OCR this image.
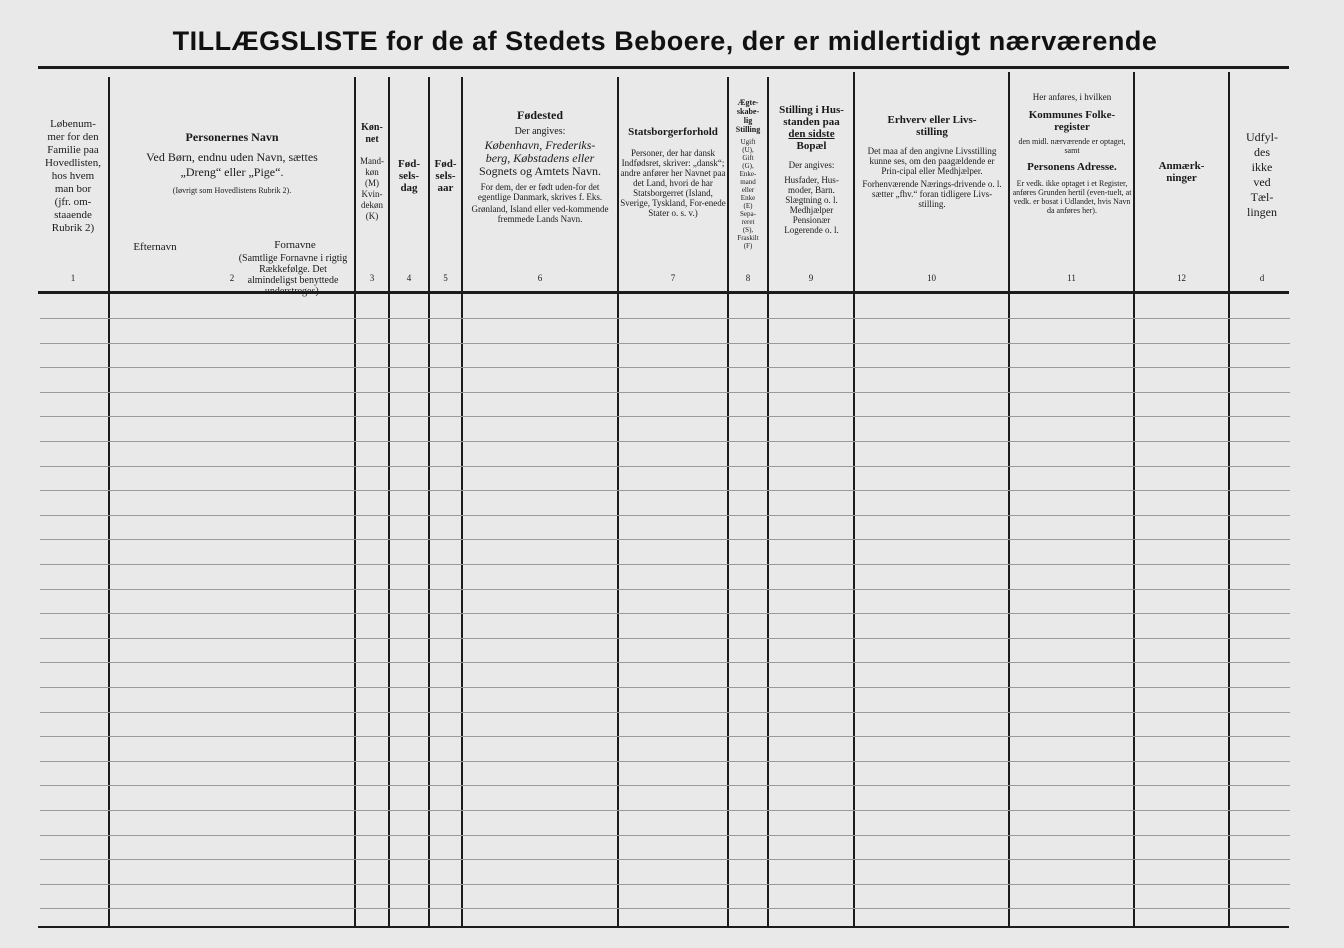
TILLÆGSLISTE for de af Stedets Beboere, der er midlertidigt nærværende
Løbenum-
mer for den
Familie paa
Hovedlisten,
hos hvem
man bor
(jfr. om-
staaende
Rubrik 2)
1
Personernes Navn
Ved Børn, endnu uden Navn, sættes
„Dreng“ eller „Pige“.
(Iøvrigt som Hovedlistens Rubrik 2).
Efternavn	Fornavne
(Samtlige Fornavne i rigtig Rækkefølge. Det almindeligst benyttede understreges).
2
Køn-
net
Mand-
køn
(M)
Kvin-
dekøn
(K)
3
Fød-
sels-
dag
4
Fød-
sels-
aar
5
Fødested
Der angives:
København, Frederiks-
berg, Købstadens eller
Sognets og Amtets Navn.
For dem, der er født uden-for det egentlige Danmark, skrives f. Eks.
Grønland, Island eller ved-kommende fremmede Lands Navn.
6
Statsborgerforhold
Personer, der har dansk Indfødsret, skriver: „dansk“; andre anfører her Navnet paa det Land, hvori de har Statsborgerret (Island, Sverige, Tyskland, For-enede Stater o. s. v.)
7
Ægte-
skabe-
lig
Stilling
Ugift
(U),
Gift
(G),
Enke-
mand
eller
Enke
(E)
Sepa-
reret
(S),
Fraskilt
(F)
8
Stilling i Hus-
standen paa
den sidste
Bopæl
Der angives:
Husfader, Hus-
moder, Barn.
Slægtning o. l.
Medhjælper
Pensionær
Logerende o. l.
9
Erhverv eller Livs-
stilling
Det maa af den angivne Livsstilling kunne ses, om den paagældende er Prin-cipal eller Medhjælper.
Forhenværende Nærings-drivende o. l. sætter „fhv.“ foran tidligere Livs-stilling.
10
Her anføres, i hvilken
Kommunes Folke-
register
den midl. nærværende er optaget, samt
Personens Adresse.
Er vedk. ikke optaget i et Register, anføres Grunden hertil (even-tuelt, at vedk. er bosat i Udlandet, hvis Navn da anføres her).
11
Anmærk-
ninger
12
Udfyl-
des
ikke
ved
Tæl-
lingen
d
